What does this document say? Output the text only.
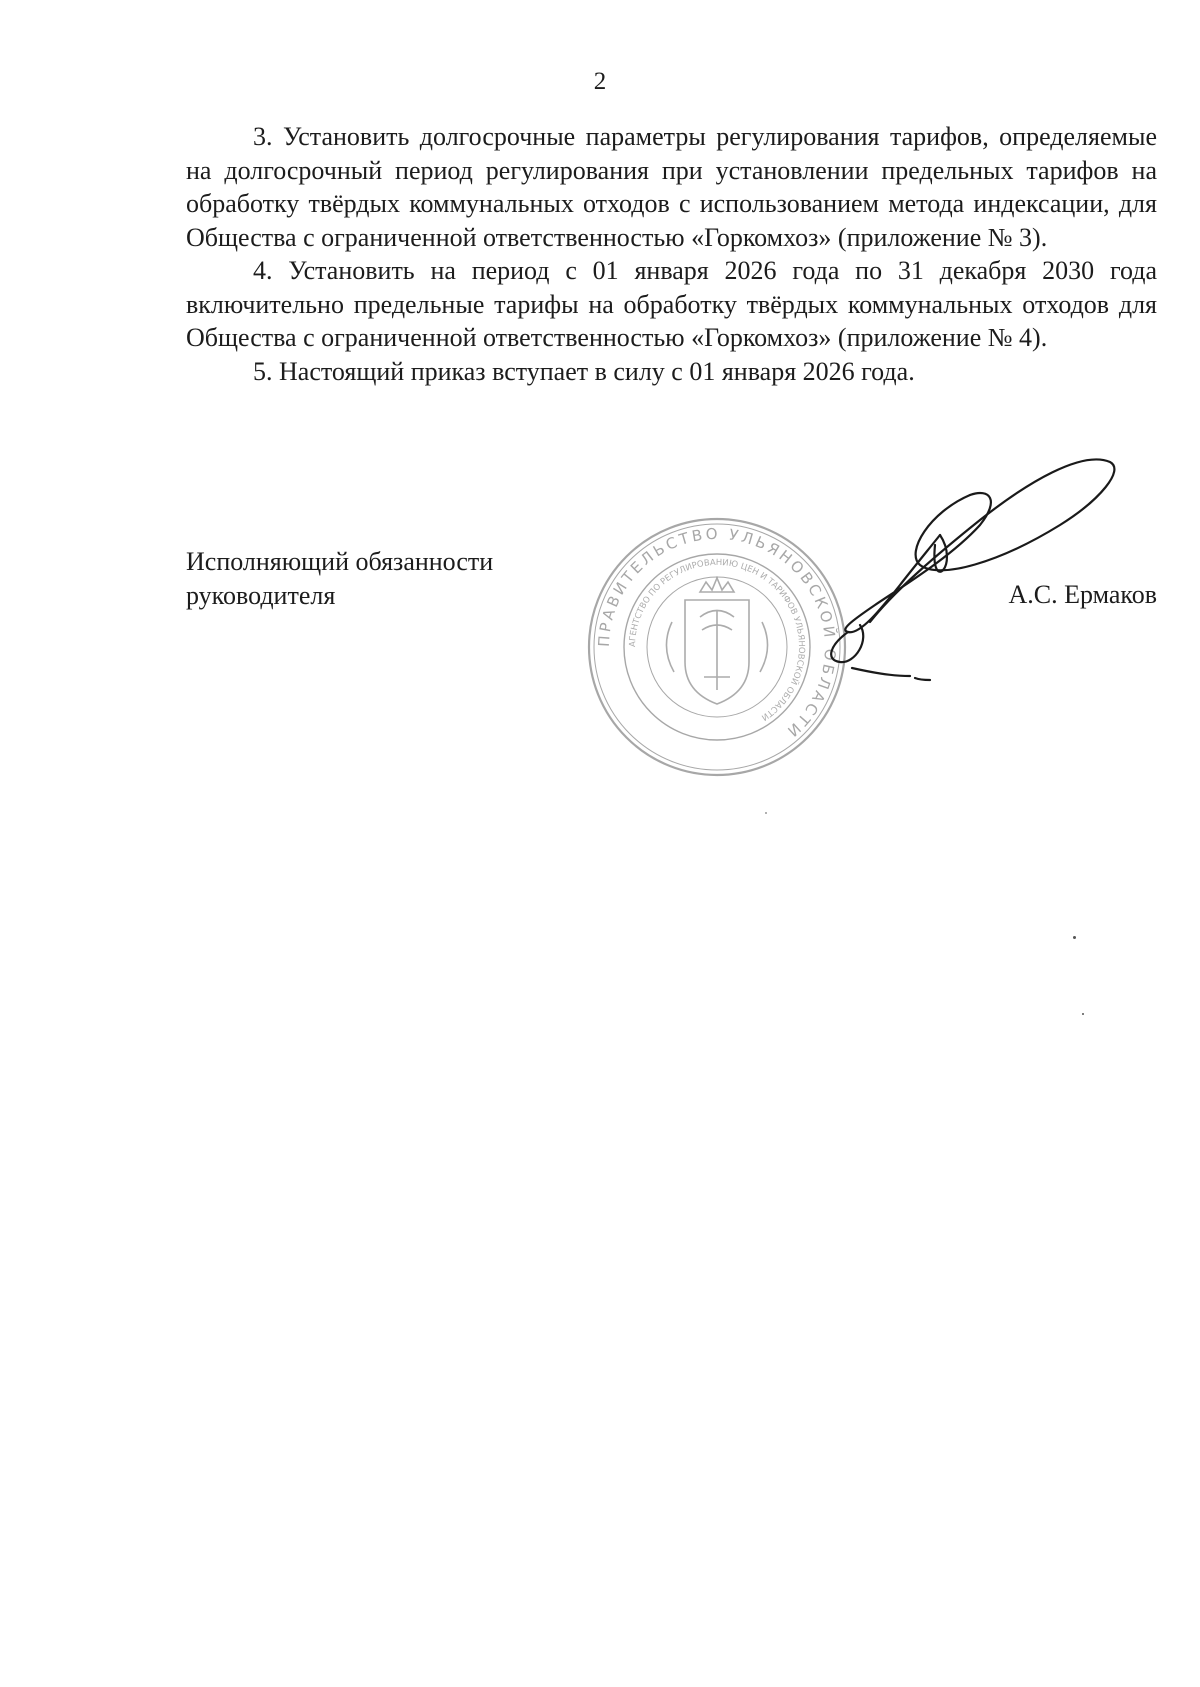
2

3. Установить долгосрочные параметры регулирования тарифов, определяемые на долгосрочный период регулирования при установлении предельных тарифов на обработку твёрдых коммунальных отходов с использованием метода индексации, для Общества с ограниченной ответственностью «Горкомхоз» (приложение № 3).

4. Установить на период с 01 января 2026 года по 31 декабря 2030 года включительно предельные тарифы на обработку твёрдых коммунальных отходов для Общества с ограниченной ответственностью «Горкомхоз» (приложение № 4).

5. Настоящий приказ вступает в силу с 01 января 2026 года.

Исполняющий обязанности
руководителя

ПРАВИТЕЛЬСТВО УЛЬЯНОВСКОЙ ОБЛАСТИ
АГЕНТСТВО ПО РЕГУЛИРОВАНИЮ ЦЕН И ТАРИФОВ УЛЬЯНОВСКОЙ ОБЛАСТИ

А.С. Ермаков
